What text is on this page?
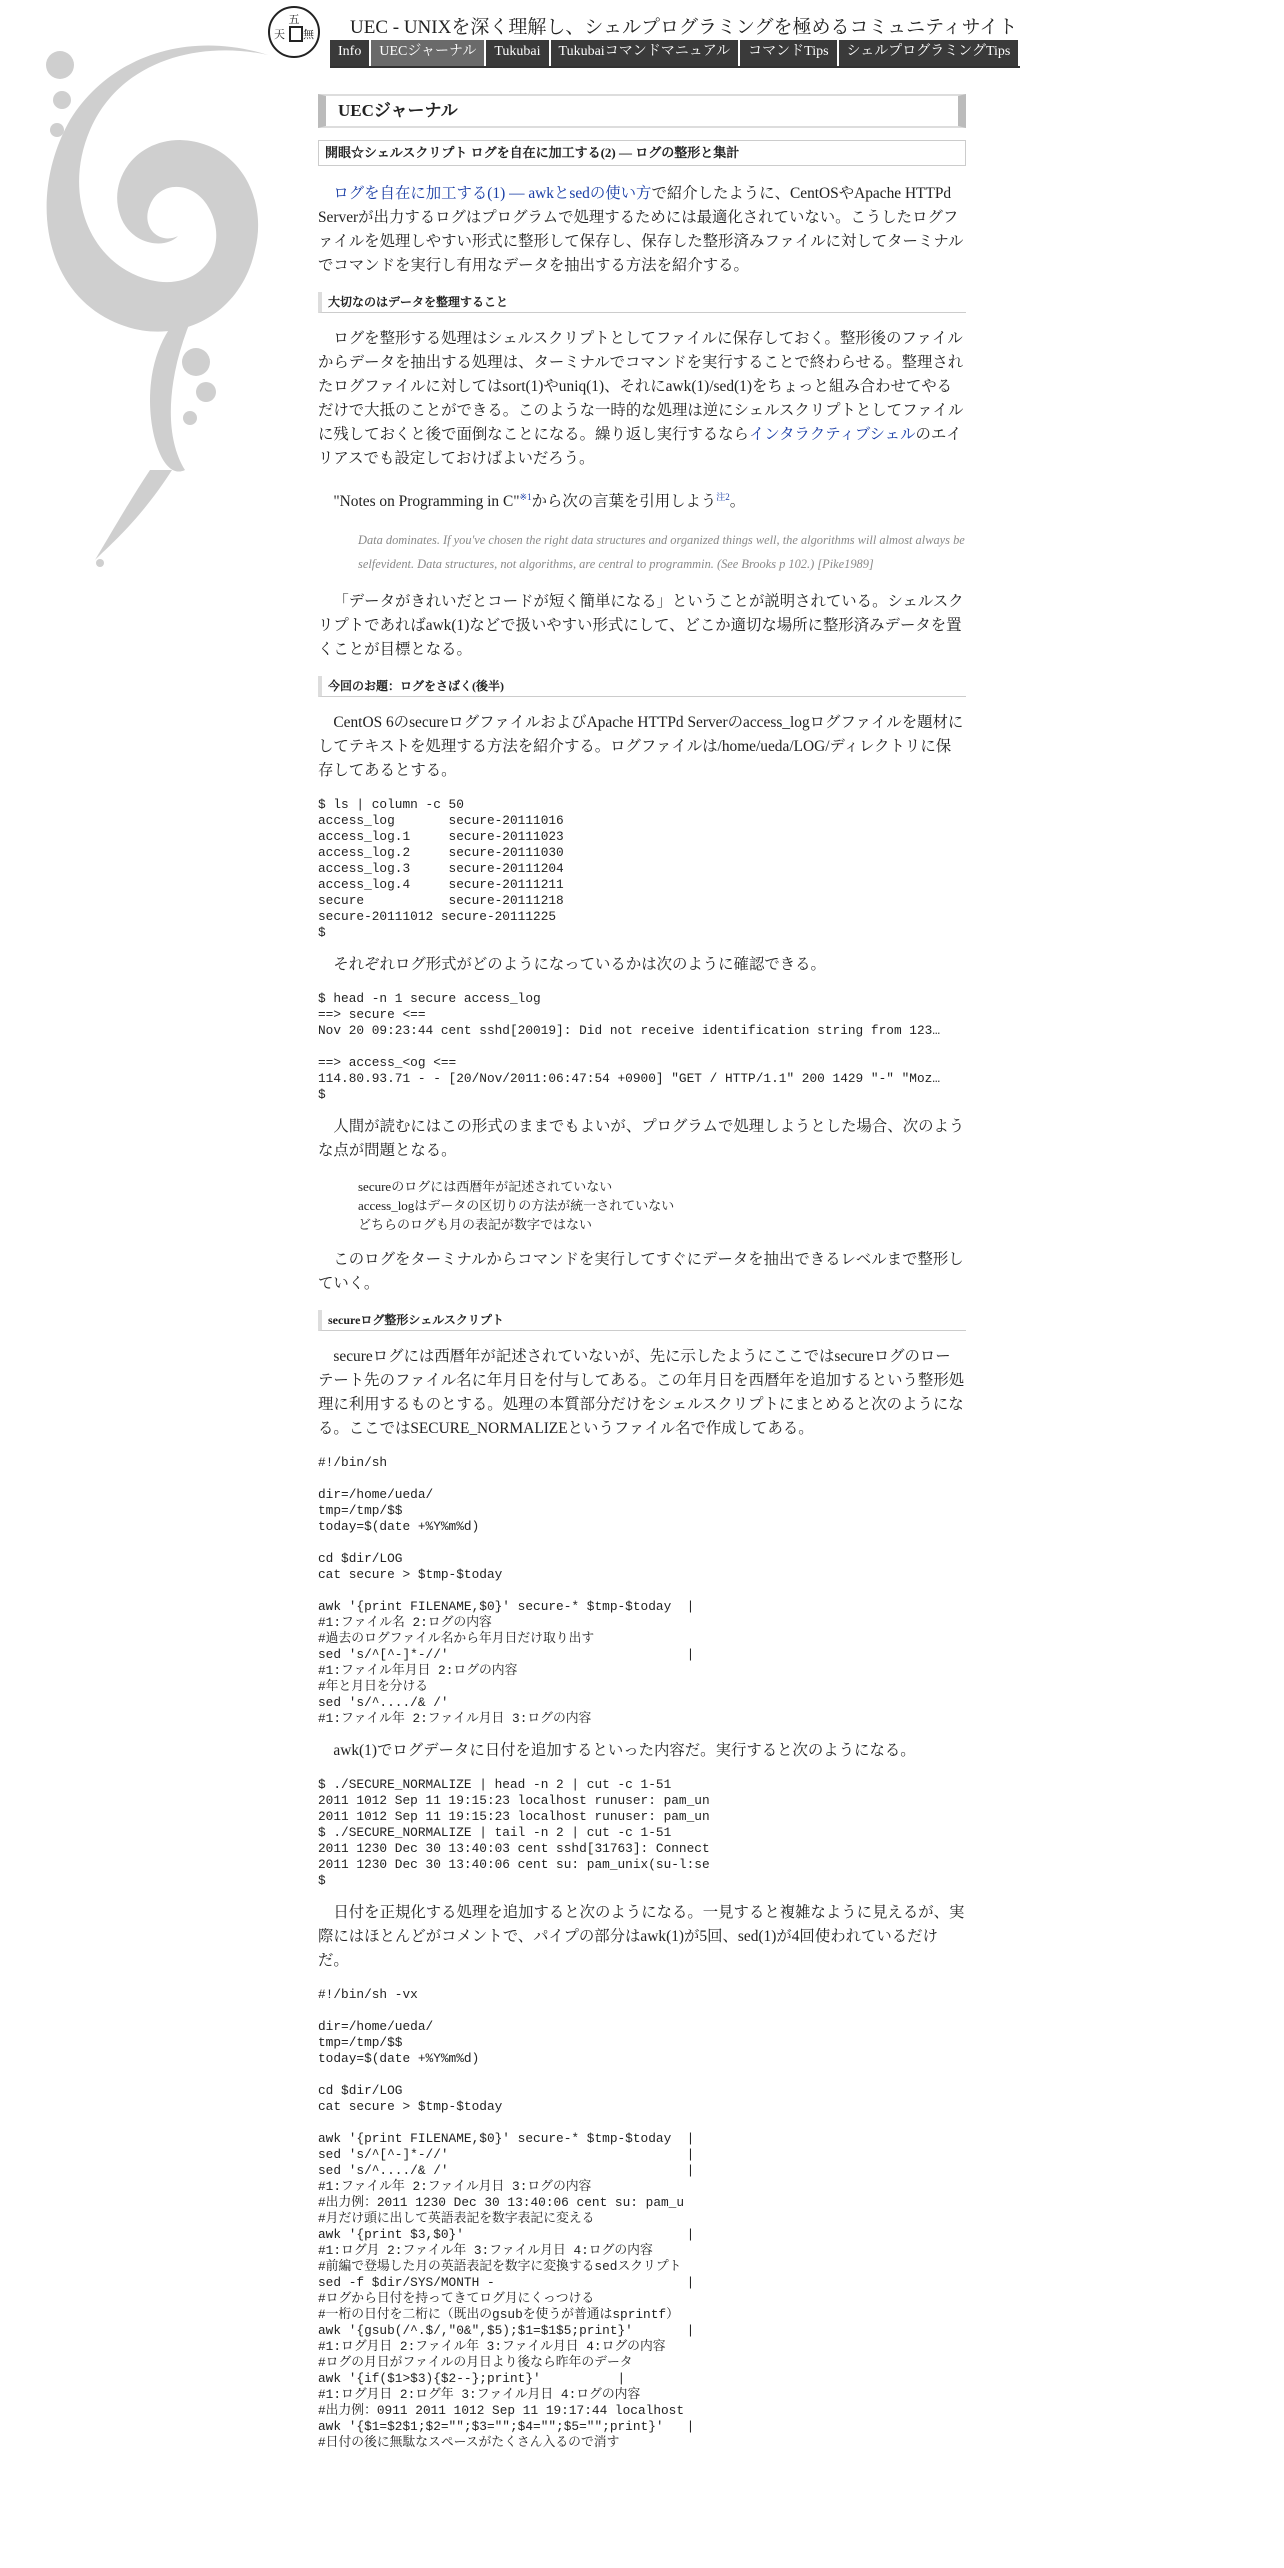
五
天 無 UEC - UNIXを深く理解し、シェルプログラミングを極めるコミュニティサイト
Info	UECジャーナル	Tukubai	Tukubaiコマンドマニュアル	コマンドTips	シェルプログラミングTips
UECジャーナル
開眼☆シェルスクリプト ログを自在に加工する(2) — ログの整形と集計

ログを自在に加工する(1) — awkとsedの使い方で紹介したように、CentOSやApache HTTPd Serverが出力するログはプログラムで処理するためには最適化されていない。こうしたログファイルを処理しやすい形式に整形して保存し、保存した整形済みファイルに対してターミナルでコマンドを実行し有用なデータを抽出する方法を紹介する。

大切なのはデータを整理すること

ログを整形する処理はシェルスクリプトとしてファイルに保存しておく。整形後のファイルからデータを抽出する処理は、ターミナルでコマンドを実行することで終わらせる。整理されたログファイルに対してはsort(1)やuniq(1)、それにawk(1)/sed(1)をちょっと組み合わせてやるだけで大抵のことができる。このような一時的な処理は逆にシェルスクリプトとしてファイルに残しておくと後で面倒なことになる。繰り返し実行するならインタラクティブシェルのエイリアスでも設定しておけばよいだろう。

"Notes on Programming in C"$^{※1}$から次の言葉を引用しよう$^{注2}$。

Data dominates. If you've chosen the right data structures and organized things well, the algorithms will almost always be selfevident. Data structures, not algorithms, are central to programmin. (See Brooks p 102.) [Pike1989]

「データがきれいだとコードが短く簡単になる」ということが説明されている。シェルスクリプトであればawk(1)などで扱いやすい形式にして、どこか適切な場所に整形済みデータを置くことが目標となる。

今回のお題：ログをさばく(後半)

CentOS 6のsecureログファイルおよびApache HTTPd Serverのaccess_logログファイルを題材にしてテキストを処理する方法を紹介する。ログファイルは/home/ueda/LOG/ディレクトリに保存してあるとする。

$ ls | column -c 50
access_log       secure-20111016
access_log.1     secure-20111023
access_log.2     secure-20111030
access_log.3     secure-20111204
access_log.4     secure-20111211
secure           secure-20111218
secure-20111012 secure-20111225
$

それぞれログ形式がどのようになっているかは次のように確認できる。

$ head -n 1 secure access_log
==> secure <==
Nov 20 09:23:44 cent sshd[20019]: Did not receive identification string from 123…
==> access_<og <==
114.80.93.71 - - [20/Nov/2011:06:47:54 +0900] "GET / HTTP/1.1" 200 1429 "-" "Moz…
$

人間が読むにはこの形式のままでもよいが、プログラムで処理しようとした場合、次のような点が問題となる。

secureのログには西暦年が記述されていない
access_logはデータの区切りの方法が統一されていない
どちらのログも月の表記が数字ではない

このログをターミナルからコマンドを実行してすぐにデータを抽出できるレベルまで整形していく。

secureログ整形シェルスクリプト

secureログには西暦年が記述されていないが、先に示したようにここではsecureログのローテート先のファイル名に年月日を付与してある。この年月日を西暦年を追加するという整形処理に利用するものとする。処理の本質部分だけをシェルスクリプトにまとめると次のようになる。ここではSECURE_NORMALIZEというファイル名で作成してある。

#!/bin/sh
dir=/home/ueda/
tmp=/tmp/$$
today=$(date +%Y%m%d)
cd $dir/LOG
cat secure > $tmp-$today
awk '{print FILENAME,$0}' secure-* $tmp-$today  |
#1:ファイル名 2:ログの内容
#過去のログファイル名から年月日だけ取り出す
sed 's/^[^-]*-//'                               |
#1:ファイル年月日 2:ログの内容
#年と月日を分ける
sed 's/^..../& /'
#1:ファイル年 2:ファイル月日 3:ログの内容

awk(1)でログデータに日付を追加するといった内容だ。実行すると次のようになる。

$ ./SECURE_NORMALIZE | head -n 2 | cut -c 1-51
2011 1012 Sep 11 19:15:23 localhost runuser: pam_un
2011 1012 Sep 11 19:15:23 localhost runuser: pam_un
$ ./SECURE_NORMALIZE | tail -n 2 | cut -c 1-51
2011 1230 Dec 30 13:40:03 cent sshd[31763]: Connect
2011 1230 Dec 30 13:40:06 cent su: pam_unix(su-l:se
$

日付を正規化する処理を追加すると次のようになる。一見すると複雑なように見えるが、実際にはほとんどがコメントで、パイプの部分はawk(1)が5回、sed(1)が4回使われているだけだ。

#!/bin/sh -vx
dir=/home/ueda/
tmp=/tmp/$$
today=$(date +%Y%m%d)
cd $dir/LOG
cat secure > $tmp-$today
awk '{print FILENAME,$0}' secure-* $tmp-$today  |
sed 's/^[^-]*-//'                               |
sed 's/^..../& /'                               |
#1:ファイル年 2:ファイル月日 3:ログの内容
#出力例：2011 1230 Dec 30 13:40:06 cent su: pam_u
#月だけ頭に出して英語表記を数字表記に変える
awk '{print $3,$0}'                             |
#1:ログ月 2:ファイル年 3:ファイル月日 4:ログの内容
#前編で登場した月の英語表記を数字に変換するsedスクリプト
sed -f $dir/SYS/MONTH -                         |
#ログから日付を持ってきてログ月にくっつける
#一桁の日付を二桁に（既出のgsubを使うが普通はsprintf）
awk '{gsub(/^.$/,"0&",$5);$1=$1$5;print}'       |
#1:ログ月日 2:ファイル年 3:ファイル月日 4:ログの内容
#ログの月日がファイルの月日より後なら昨年のデータ
awk '{if($1>$3){$2--};print}'          |
#1:ログ月日 2:ログ年 3:ファイル月日 4:ログの内容
#出力例：0911 2011 1012 Sep 11 19:17:44 localhost
awk '{$1=$2$1;$2="";$3="";$4="";$5="";print}'   |
#日付の後に無駄なスペースがたくさん入るので消す
